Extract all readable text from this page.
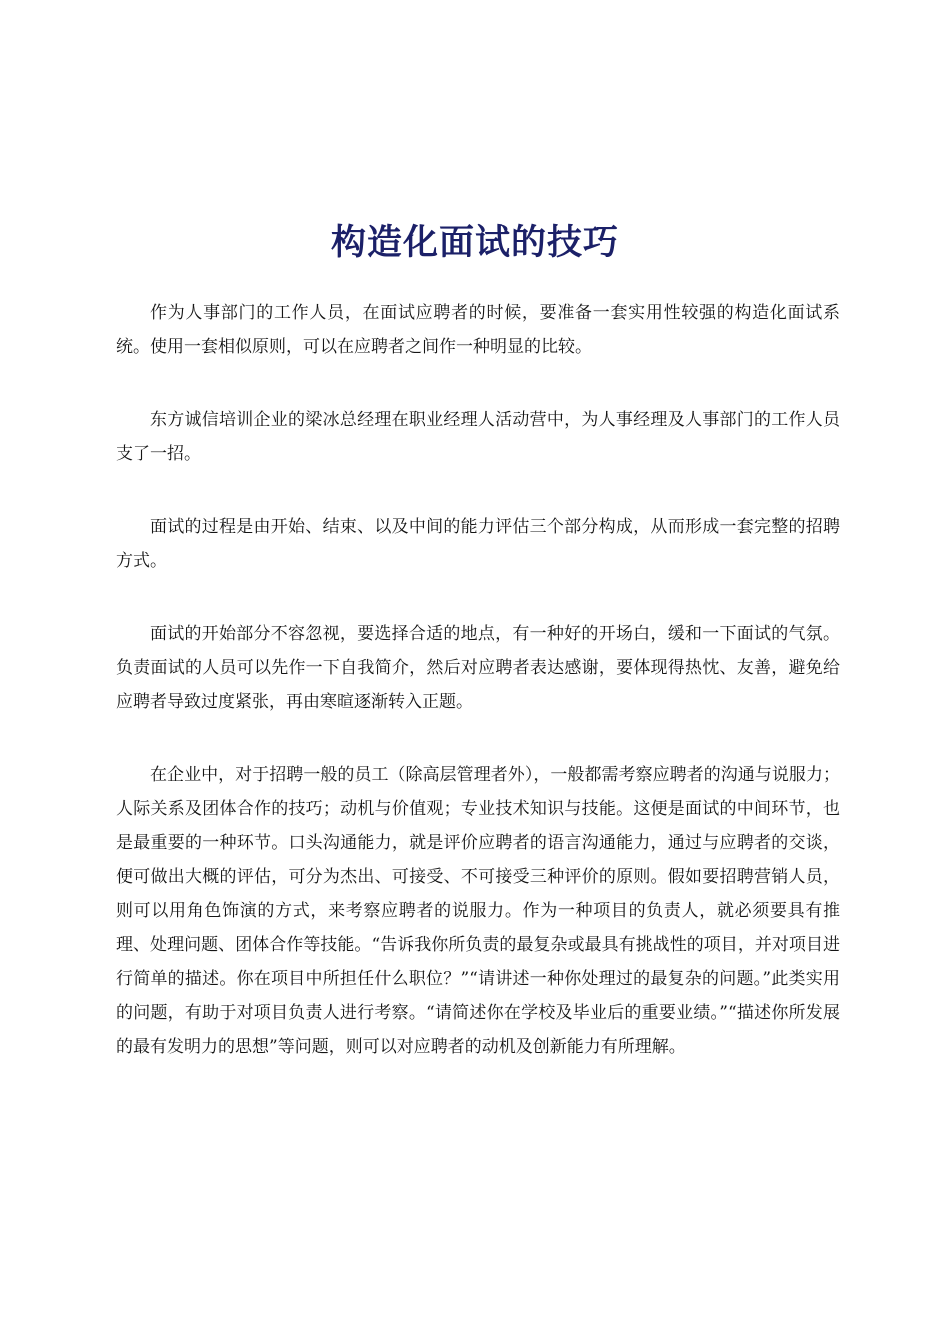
构造化面试的技巧

作为人事部门的工作人员，在面试应聘者的时候，要准备一套实用性较强的构造化面试系统。使用一套相似原则，可以在应聘者之间作一种明显的比较。

东方诚信培训企业的梁冰总经理在职业经理人活动营中，为人事经理及人事部门的工作人员支了一招。

面试的过程是由开始、结束、以及中间的能力评估三个部分构成，从而形成一套完整的招聘方式。

面试的开始部分不容忽视，要选择合适的地点，有一种好的开场白，缓和一下面试的气氛。负责面试的人员可以先作一下自我简介，然后对应聘者表达感谢，要体现得热忱、友善，避免给应聘者导致过度紧张，再由寒暄逐渐转入正题。

在企业中，对于招聘一般的员工（除高层管理者外），一般都需考察应聘者的沟通与说服力；人际关系及团体合作的技巧；动机与价值观；专业技术知识与技能。这便是面试的中间环节，也是最重要的一种环节。口头沟通能力，就是评价应聘者的语言沟通能力，通过与应聘者的交谈，便可做出大概的评估，可分为杰出、可接受、不可接受三种评价的原则。假如要招聘营销人员，则可以用角色饰演的方式，来考察应聘者的说服力。作为一种项目的负责人，就必须要具有推理、处理问题、团体合作等技能。“告诉我你所负责的最复杂或最具有挑战性的项目，并对项目进行简单的描述。你在项目中所担任什么职位？”“请讲述一种你处理过的最复杂的问题。”此类实用的问题，有助于对项目负责人进行考察。“请简述你在学校及毕业后的重要业绩。”“描述你所发展的最有发明力的思想”等问题，则可以对应聘者的动机及创新能力有所理解。
